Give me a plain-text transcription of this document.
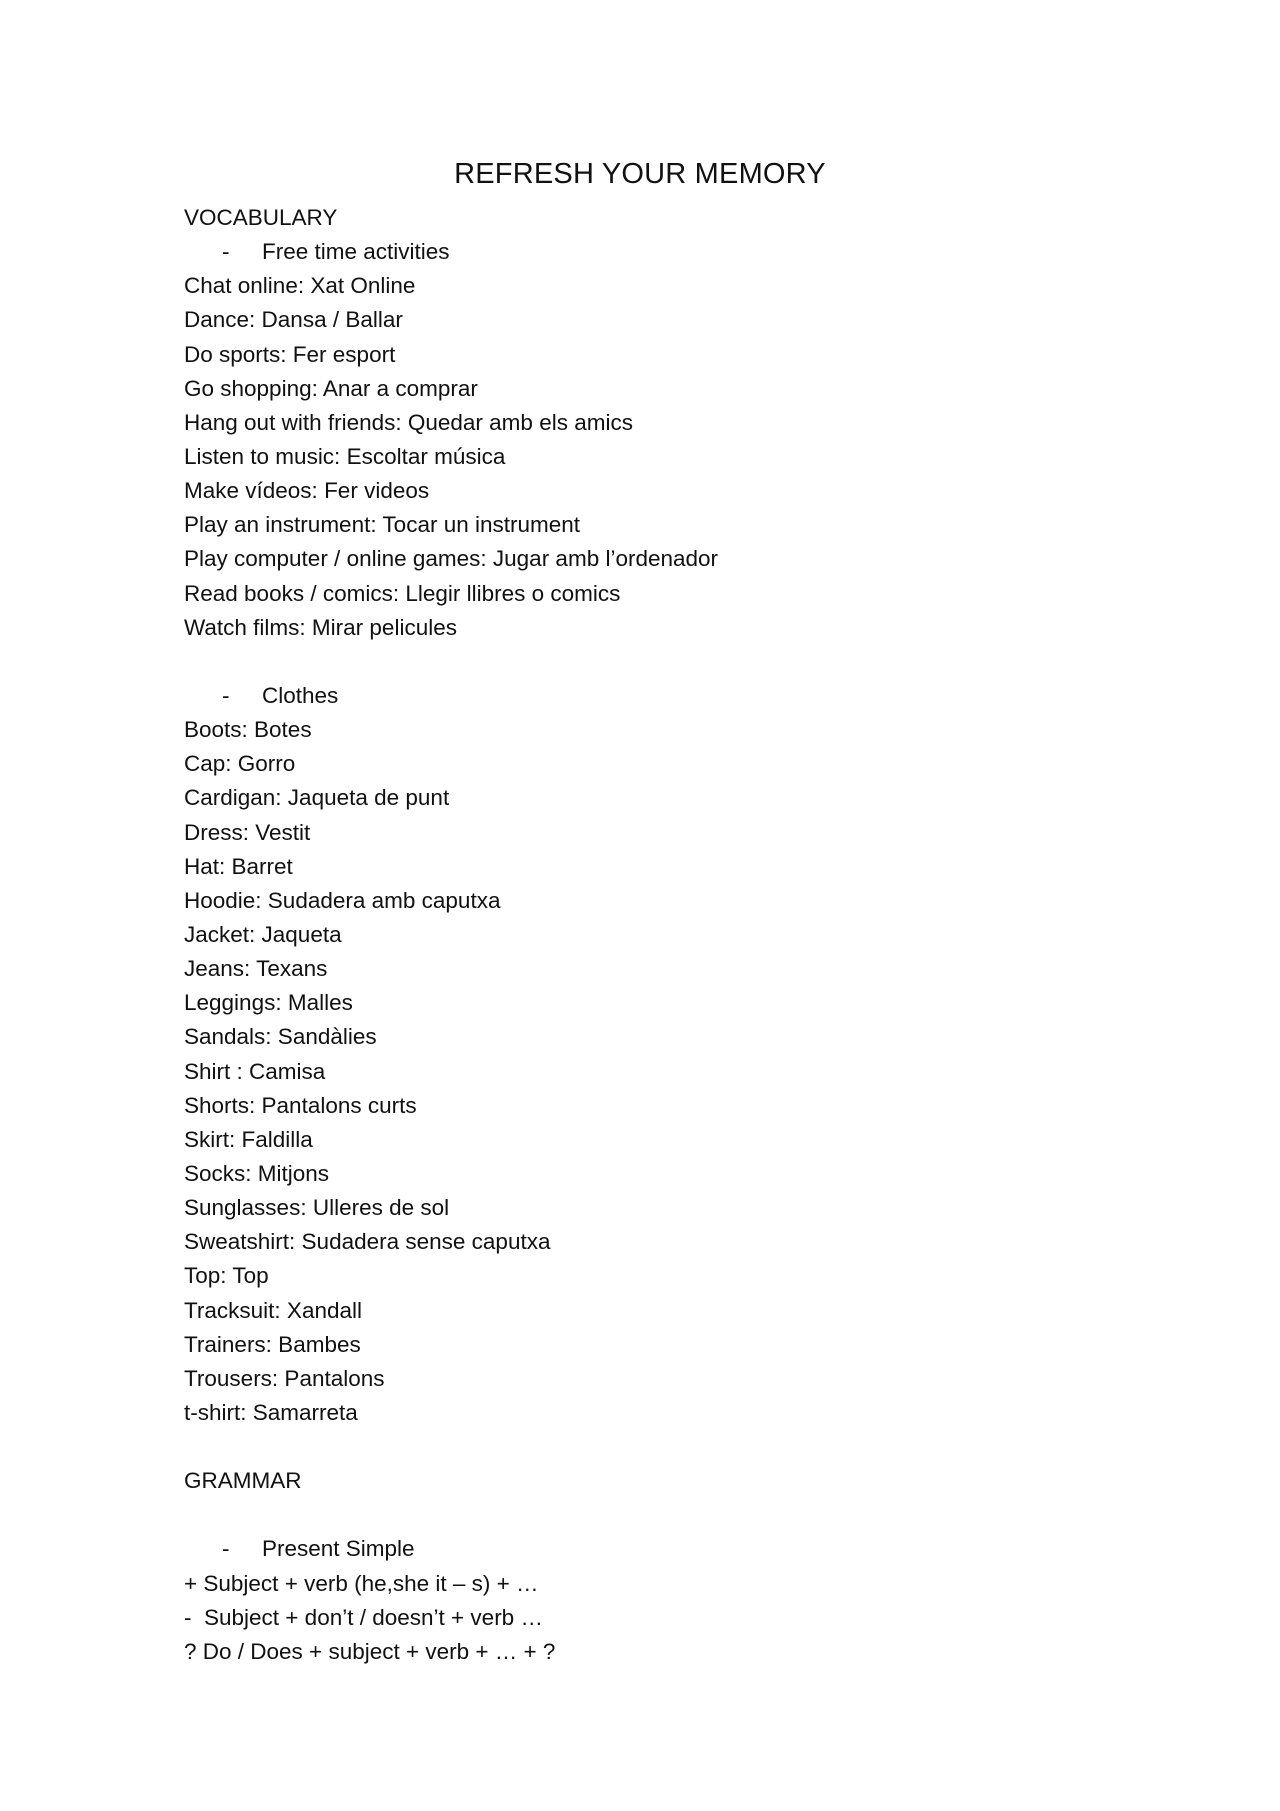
REFRESH YOUR MEMORY
VOCABULARY
- Free time activities
Chat online: Xat Online
Dance: Dansa / Ballar
Do sports: Fer esport
Go shopping: Anar a comprar
Hang out with friends: Quedar amb els amics
Listen to music: Escoltar música
Make vídeos: Fer videos
Play an instrument: Tocar un instrument
Play computer / online games: Jugar amb l’ordenador
Read books / comics: Llegir llibres o comics
Watch films: Mirar pelicules
- Clothes
Boots: Botes
Cap: Gorro
Cardigan: Jaqueta de punt
Dress: Vestit
Hat: Barret
Hoodie: Sudadera amb caputxa
Jacket: Jaqueta
Jeans: Texans
Leggings: Malles
Sandals: Sandàlies
Shirt : Camisa
Shorts: Pantalons curts
Skirt: Faldilla
Socks: Mitjons
Sunglasses: Ulleres de sol
Sweatshirt: Sudadera sense caputxa
Top: Top
Tracksuit: Xandall
Trainers: Bambes
Trousers: Pantalons
t-shirt: Samarreta
GRAMMAR
- Present Simple
+ Subject + verb (he,she it – s) + …
-  Subject + don’t / doesn’t + verb …
? Do / Does + subject + verb + … + ?
